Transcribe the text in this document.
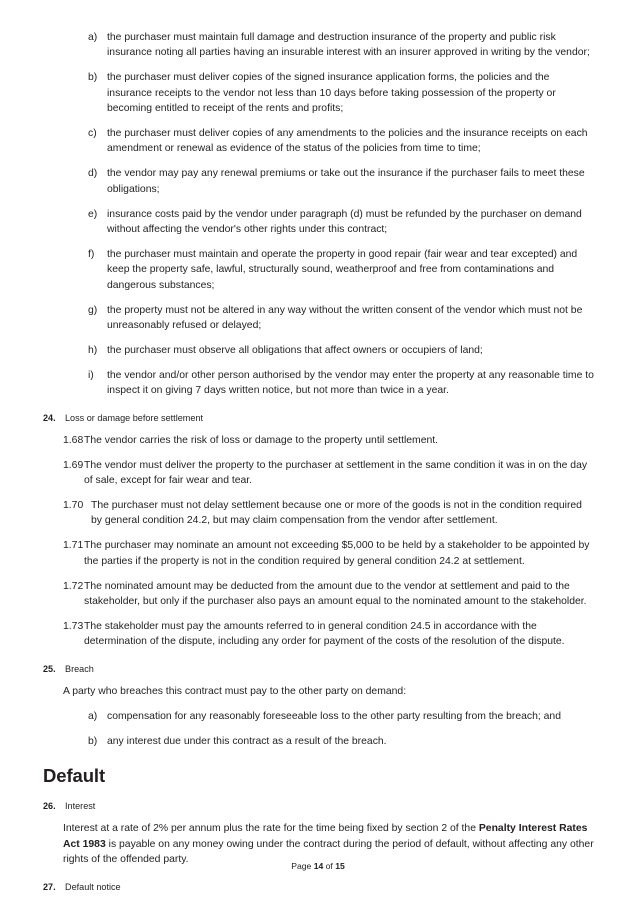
a) the purchaser must maintain full damage and destruction insurance of the property and public risk insurance noting all parties having an insurable interest with an insurer approved in writing by the vendor;
b) the purchaser must deliver copies of the signed insurance application forms, the policies and the insurance receipts to the vendor not less than 10 days before taking possession of the property or becoming entitled to receipt of the rents and profits;
c) the purchaser must deliver copies of any amendments to the policies and the insurance receipts on each amendment or renewal as evidence of the status of the policies from time to time;
d) the vendor may pay any renewal premiums or take out the insurance if the purchaser fails to meet these obligations;
e) insurance costs paid by the vendor under paragraph (d) must be refunded by the purchaser on demand without affecting the vendor's other rights under this contract;
f)	the purchaser must maintain and operate the property in good repair (fair wear and tear excepted) and keep the property safe, lawful, structurally sound, weatherproof and free from contaminations and dangerous substances;
g) the property must not be altered in any way without the written consent of the vendor which must not be unreasonably refused or delayed;
h) the purchaser must observe all obligations that affect owners or occupiers of land;
i)	the vendor and/or other person authorised by the vendor may enter the property at any reasonable time to inspect it on giving 7 days written notice, but not more than twice in a year.
24. Loss or damage before settlement
1.68 The vendor carries the risk of loss or damage to the property until settlement.
1.69 The vendor must deliver the property to the purchaser at settlement in the same condition it was in on the day of sale, except for fair wear and tear.
1.70 The purchaser must not delay settlement because one or more of the goods is not in the condition required by general condition 24.2, but may claim compensation from the vendor after settlement.
1.71 The purchaser may nominate an amount not exceeding $5,000 to be held by a stakeholder to be appointed by the parties if the property is not in the condition required by general condition 24.2 at settlement.
1.72 The nominated amount may be deducted from the amount due to the vendor at settlement and paid to the stakeholder, but only if the purchaser also pays an amount equal to the nominated amount to the stakeholder.
1.73 The stakeholder must pay the amounts referred to in general condition 24.5 in accordance with the determination of the dispute, including any order for payment of the costs of the resolution of the dispute.
25. Breach

A party who breaches this contract must pay to the other party on demand:

a) compensation for any reasonably foreseeable loss to the other party resulting from the breach; and
b) any interest due under this contract as a result of the breach.
Default
26. Interest

Interest at a rate of 2% per annum plus the rate for the time being fixed by section 2 of the Penalty Interest Rates Act 1983 is payable on any money owing under the contract during the period of default, without affecting any other rights of the offended party.

27. Default notice
Page 14 of 15
